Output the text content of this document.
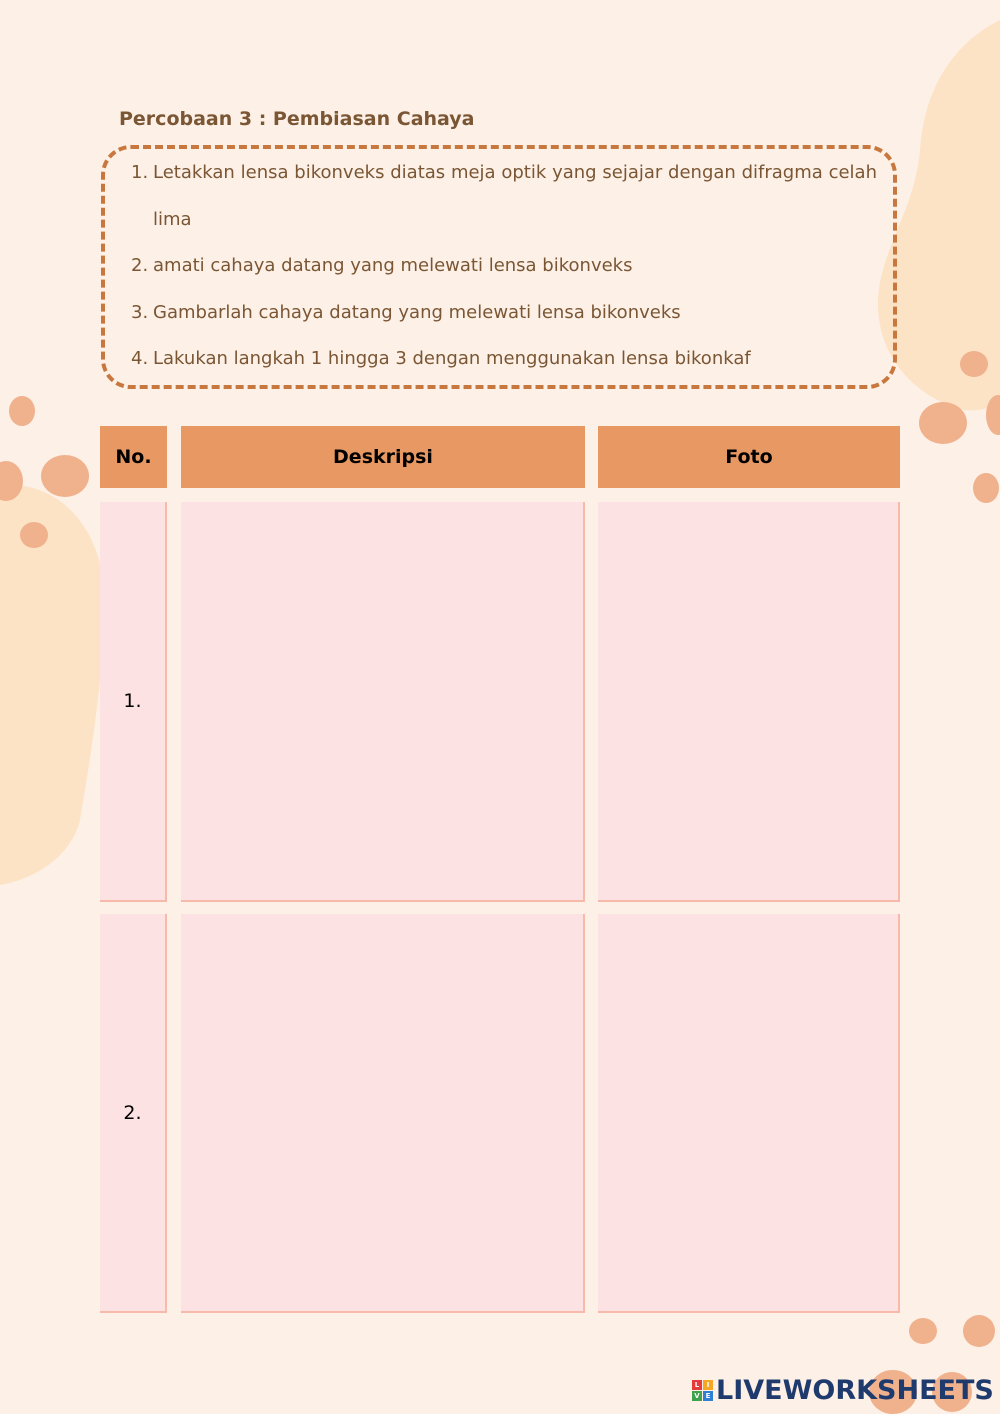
Percobaan 3 : Pembiasan Cahaya
1. Letakkan lensa bikonveks diatas meja optik yang sejajar dengan difragma celah lima
2. amati cahaya datang yang melewati lensa bikonveks
3. Gambarlah cahaya datang yang melewati lensa bikonveks
4. Lakukan langkah 1 hingga 3 dengan menggunakan lensa bikonkaf
No.	Deskripsi	Foto
1.
2.
L	I
V E LIVEWORKSHEETS
